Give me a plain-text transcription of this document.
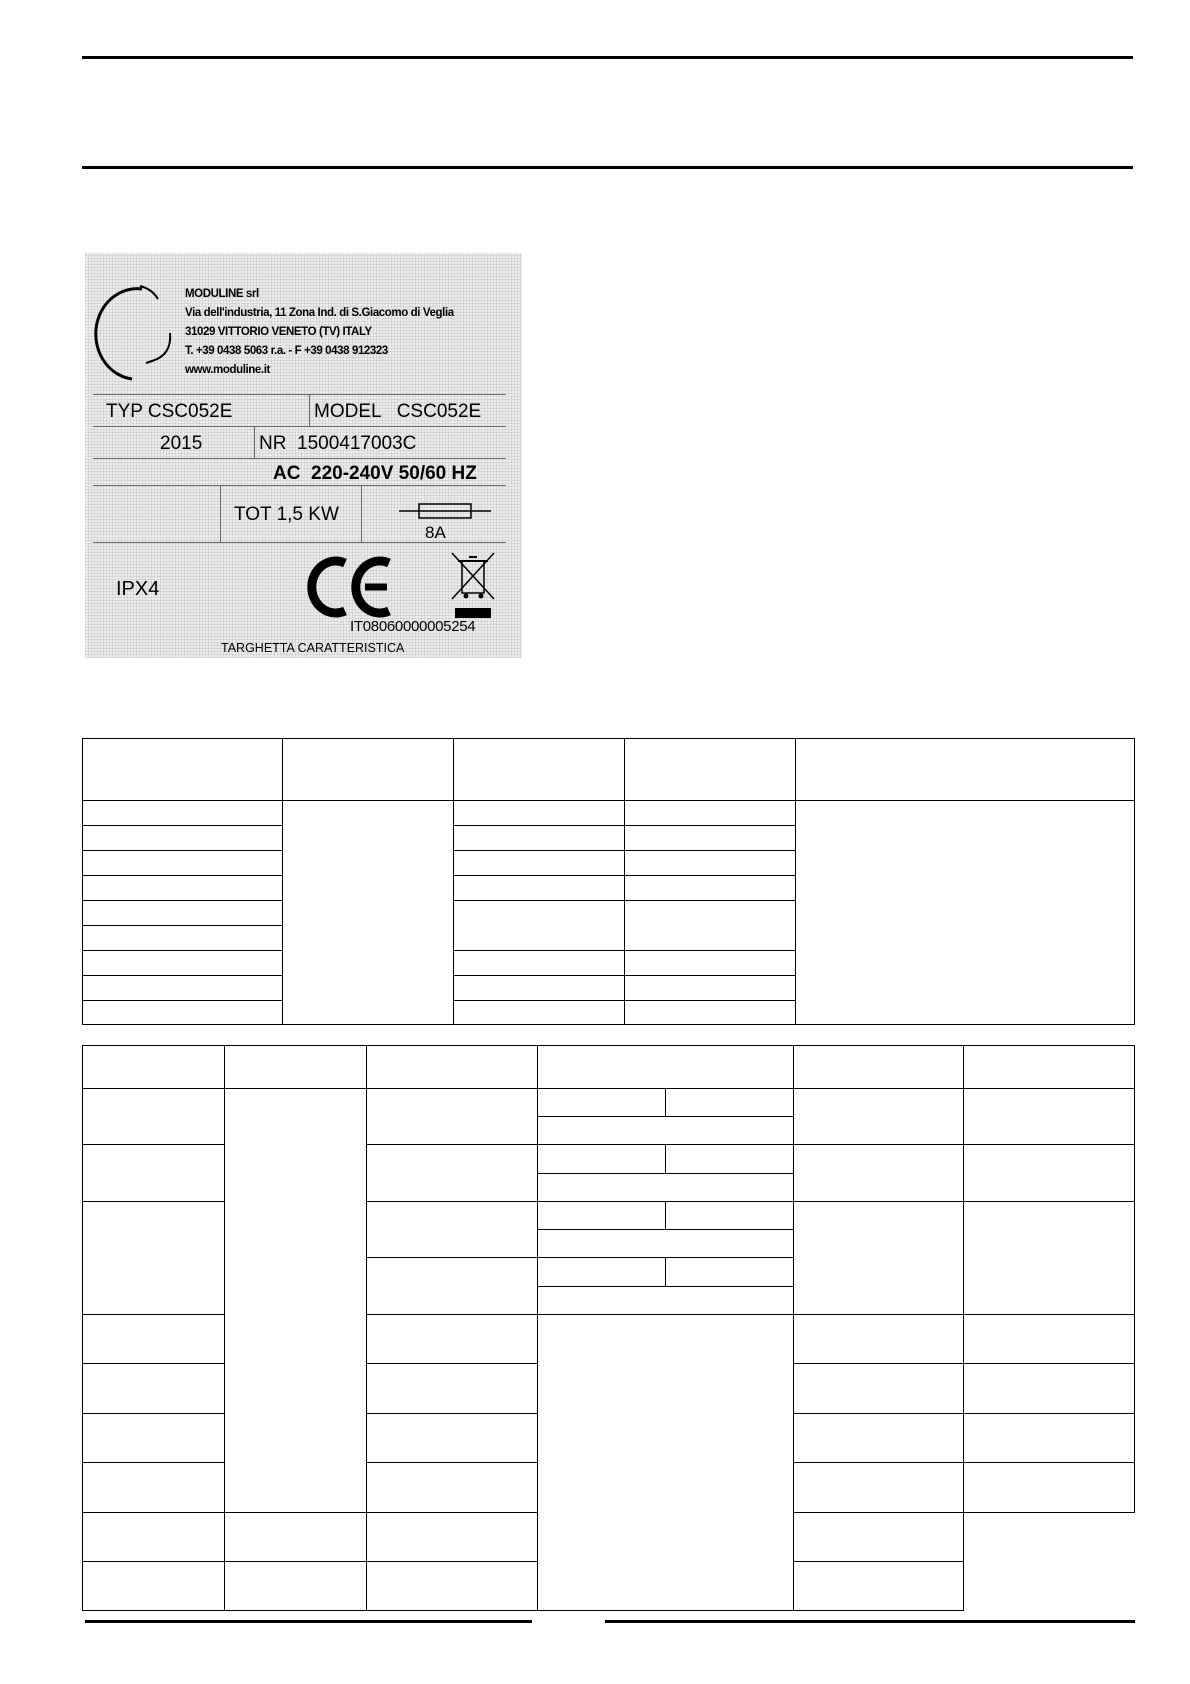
MODULINE srl
Via dell'industria, 11 Zona Ind. di S.Giacomo di Veglia
31029 VITTORIO VENETO (TV) ITALY
T. +39 0438 5063 r.a. - F +39 0438 912323
www.moduline.it
TYP CSC052E	MODEL   CSC052E
2015	NR  1500417003C
AC  220-240V 50/60 HZ
TOT 1,5 KW
8A
IPX4
IT08060000005254
TARGHETTA CARATTERISTICA
